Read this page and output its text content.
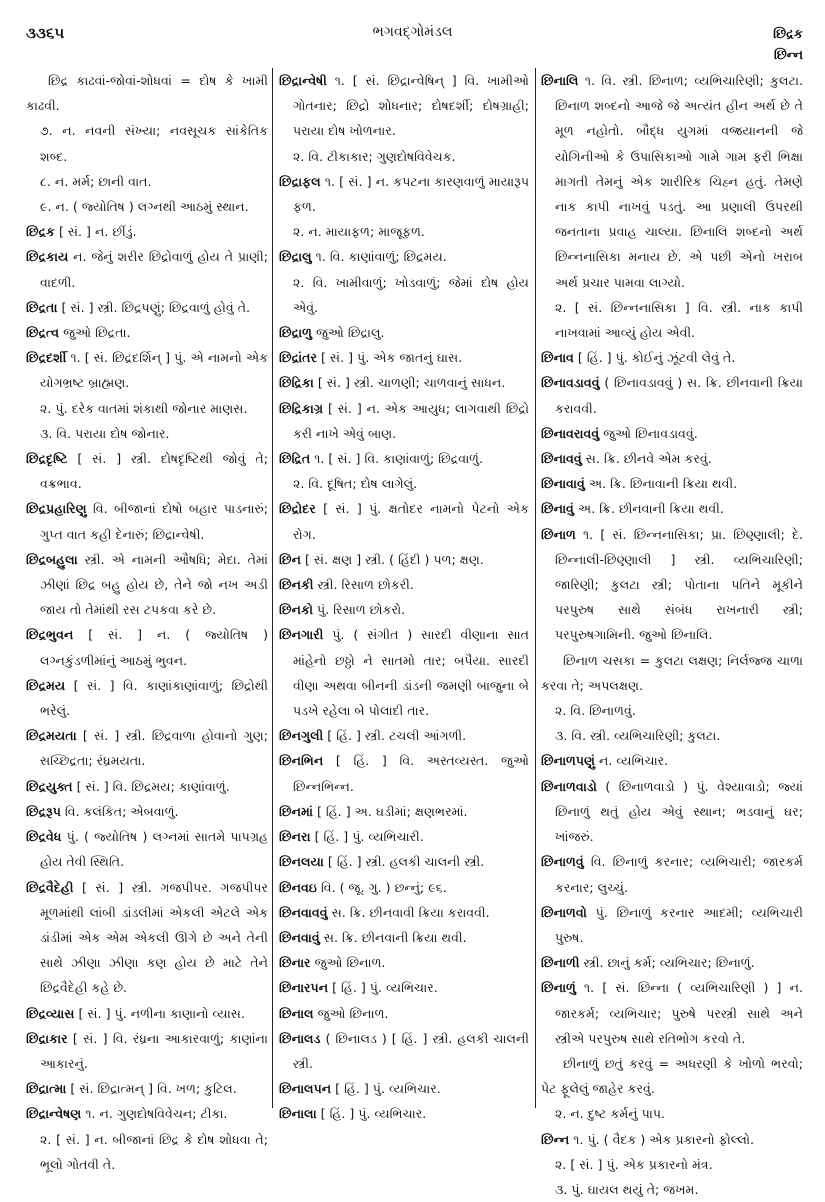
૩૩૬૫	ભગવદ્ગોમંડલ	છિદ્રક
છિન્ન

છિદ્ર કાઢવાં-જોવાં-શોધવાં = દોષ કે ખામી કાઢવી.

૭. ન. નવની સંખ્યા; નવસૂચક સાંકેતિક શબ્દ.

૮. ન. મર્મ; છાની વાત.

૯. ન. ( જ્યોતિષ ) લગ્નથી આઠમું સ્થાન.

છિદ્રક [ સં. ] ન. છીંડું.

છિદ્રકાય ન. જેનું શરીર છિદ્રોવાળું હોય તે પ્રાણી; વાદળી.

છિદ્રતા [ સં. ] સ્ત્રી. છિદ્રપણું; છિદ્રવાળું હોવું તે.

છિદ્રત્વ જુઓ છિદ્રતા.

છિદ્રદર્શી ૧. [ સં. છિદ્રદર્શિન્ ] પું. એ નામનો એક યોગભ્રષ્ટ બ્રાહ્મણ.

૨. પું. દરેક વાતમાં શંકાથી જોનાર માણસ.

૩. વિ. પરાયા દોષ જોનાર.

છિદ્રદૃષ્ટિ [ સં. ] સ્ત્રી. દોષદૃષ્ટિથી જોવું તે; વક્રભાવ.

છિદ્રપ્રહારિણુ વિ. બીજાનાં દોષો બહાર પાડનારું; ગુપ્ત વાત કહી દેનારું; છિદ્રાન્વેષી.

છિદ્રબહુલા સ્ત્રી. એ નામની ઔષધિ; મેદા. તેમાં ઝીણાં છિદ્ર બહુ હોય છે, તેને જો નખ અડી જાય તો તેમાંથી રસ ટપકવા કરે છે.

છિદ્રભુવન [ સં. ] ન. ( જ્યોતિષ ) લગ્નકુંડળીમાંનું આઠમું ભુવન.

છિદ્રમય [ સં. ] વિ. કાણાંકાણાંવાળું; છિદ્રોથી ભરેલું.

છિદ્રમયતા [ સં. ] સ્ત્રી. છિદ્રવાળા હોવાનો ગુણ; સચ્છિદ્રતા; રંધ્રમયતા.

છિદ્રયુક્ત [ સં. ] વિ. છિદ્રમય; કાણાંવાળું.

છિદ્રરૂપ વિ. કલંકિત; એબવાળું.

છિદ્રવેધ પું. ( જ્યોતિષ ) લગ્નમાં સાતમે પાપગ્રહ હોય તેવી સ્થિતિ.

છિદ્રવૈદેહી [ સં. ] સ્ત્રી. ગજપીપર. ગજપીપર મૂળમાંથી લાંબી ડાંડલીમાં એકલી એટલે એક ડાંડીમાં એક એમ એકલી ઊગે છે અને તેની સાથે ઝીણા ઝીણા કણ હોય છે માટે તેને છિદ્રવૈદેહી કહે છે.

છિદ્રવ્યાસ [ સં. ] પું. નળીના કાણાનો વ્યાસ.

છિદ્રાકાર [ સં. ] વિ. રંધ્રના આકારવાળું; કાણાંના આકારનું.

છિદ્રાત્મા [ સં. છિદ્રાત્મન્ ] વિ. ખળ; કુટિલ.

છિદ્રાન્વેષણ ૧. ન. ગુણદોષવિવેચન; ટીકા.

૨. [ સં. ] ન. બીજાનાં છિદ્ર કે દોષ શોધવા તે; ભૂલો ગોતવી તે.

છિદ્રાન્વેષી ૧. [ સં. છિદ્રાન્વેષિન્ ] વિ. ખામીઓ ગોતનાર; છિદ્રો શોધનાર; દોષદર્શી; દોષગ્રાહી; પરાયા દોષ ખોળનાર.

૨. વિ. ટીકાકાર; ગુણદોષવિવેચક.

છિદ્રાફલ ૧. [ સં. ] ન. કપટના કારણવાળું માયારૂપ ફળ.

૨. ન. માયાફળ; માજૂફળ.

છિદ્રાલુ ૧. વિ. કાણાંવાળું; છિદ્રમય.

૨. વિ. ખામીવાળું; ખોડવાળું; જેમાં દોષ હોય એવું.

છિદ્રાળુ જુઓ છિદ્રાલુ.

છિદ્રાંતર [ સં. ] પું. એક જાતનું ઘાસ.

છિદ્રિકા [ સં. ] સ્ત્રી. ચાળણી; ચાળવાનું સાધન.

છિદ્રિકાગ્ર [ સં. ] ન. એક આયુધ; લાગવાથી છિદ્રો કરી નાખે એવું બાણ.

છિદ્રિત ૧. [ સં. ] વિ. કાણાંવાળું; છિદ્રવાળું.

૨. વિ. દૂષિત; દોષ લાગેલું.

છિદ્રોદર [ સં. ] પું. ક્ષતોદર નામનો પેટનો એક રોગ.

છિન [ સં. ક્ષણ ] સ્ત્રી. ( હિંદી ) પળ; ક્ષણ.

છિનકી સ્ત્રી. રિસાળ છોકરી.

છિનકો પું. રિસાળ છોકરો.

છિનગારી પું. ( સંગીત ) સારદી વીણાના સાત માંહેનો છઠ્ઠો ને સાતમો તાર; બપૈયા. સારદી વીણા અથવા બીનની ડાંડની જમણી બાજુના બે પડખે રહેલા બે પોલાદી તાર.

છિનગુલી [ હિં. ] સ્ત્રી. ટચલી આંગળી.

છિનભિન [ હિં. ] વિ. અસ્તવ્યસ્ત. જુઓ છિન્નભિન્ન.

છિનમાં [ હિં. ] અ. ઘડીમાં; ક્ષણભરમાં.

છિનરા [ હિં. ] પું. વ્યભિચારી.

છિનલયા [ હિં. ] સ્ત્રી. હલકી ચાલની સ્ત્રી.

છિનવઇ વિ. ( જૂ. ગુ. ) છન્નું; ૯૬.

છિનવાવવું સ. ક્રિ. છીનવાવી ક્રિયા કરાવવી.

છિનવાવું સ. ક્રિ. છીનવાની ક્રિયા થવી.

છિનાર જુઓ છિનાળ.

છિનારપન [ હિં. ] પું. વ્યભિચાર.

છિનાલ જુઓ છિનાળ.

છિનાલડ ( છિનાલડ ) [ હિં. ] સ્ત્રી. હલકી ચાલની સ્ત્રી.

છિનાલપન [ હિં. ] પું. વ્યભિચાર.

છિનાલા [ હિં. ] પું. વ્યભિચાર.

છિનાલિ ૧. વિ. સ્ત્રી. છિનાળ; વ્યભિચારિણી; કુલટા. છિનાળ શબ્દનો આજે જે અત્યંત હીન અર્થ છે તે મૂળ નહોતો. બૌદ્ધ યુગમાં વજ્રયાનની જે યોગિનીઓ કે ઉપાસિકાઓ ગામે ગામ ફરી ભિક્ષા માગતી તેમનું એક શારીરિક ચિહ્ન હતું. તેમણે નાક કાપી નાખવું પડતું. આ પ્રણાલી ઉપરથી જનતાના પ્રવાહ ચાલ્યા. છિનાલિ શબ્દનો અર્થ છિન્નનાસિકા મનાય છે. એ પછી એનો ખરાબ અર્થ પ્રચાર પામવા લાગ્યો.

૨. [ સં. છિન્નનાસિકા ] વિ. સ્ત્રી. નાક કાપી નાખવામાં આવ્યું હોય એવી.

છિનાવ [ હિં. ] પું. કોઈનું ઝૂંટવી લેવું તે.

છિનાવડાવવું ( છિનાવડાવવું ) સ. ક્રિ. છીનવાની ક્રિયા કરાવવી.

છિનાવરાવવું જુઓ છિનાવડાવવું.

છિનાવવું સ. ક્રિ. છીનવે એમ કરવું.

છિનાવાવું અ. ક્રિ. છિનાવાની ક્રિયા થવી.

છિનાવું અ. ક્રિ. છીનવાની ક્રિયા થવી.

છિનાળ ૧. [ સં. છિન્નનાસિકા; પ્રા. છિણ્ણાલી; દે. છિન્નાલી-છિણ્ણાલી ] સ્ત્રી. વ્યભિચારિણી; જારિણી; કુલટા સ્ત્રી; પોતાના પતિને મૂકીને પરપુરુષ સાથે સંબંધ રાખનારી સ્ત્રી; પરપુરુષગામિની. જુઓ છિનાલિ.

છિનાળ ચસકા = કુલટા લક્ષણ; નિર્લજ્જ ચાળા કરવા તે; અપલક્ષણ.

૨. વિ. છિનાળવું.

૩. વિ. સ્ત્રી. વ્યભિચારિણી; કુલટા.

છિનાળપણું ન. વ્યભિચાર.

છિનાળવાડો ( છિનાળવાડો ) પું. વેશ્યાવાડો; જ્યાં છિનાળું થતું હોય એવું સ્થાન; ભડવાનું ઘર; ખાંજરું.

છિનાળવું વિ. છિનાળું કરનાર; વ્યભિચારી; જારકર્મ કરનાર; લુચ્ચું.

છિનાળવો પું. છિનાળું કરનાર આદમી; વ્યભિચારી પુરુષ.

છિનાળી સ્ત્રી. છાનું કર્મ; વ્યભિચાર; છિનાળું.

છિનાળું ૧. [ સં. છિન્ના ( વ્યભિચારિણી ) ] ન. જારકર્મ; વ્યભિચાર; પુરુષે પરસ્ત્રી સાથે અને સ્ત્રીએ પરપુરુષ સાથે રતિભોગ કરવો તે.

છીનાળું છતું કરવું = અધરણી કે ખોળો ભરવો; પેટ ફૂલેલું જાહેર કરવું.

૨. ન. દુષ્ટ કર્મનું પાપ.

છિન્ન ૧. પું. ( વૈદક ) એક પ્રકારનો ફોલ્લો.

૨. [ સં. ] પું. એક પ્રકારનો મંત્ર.

૩. પું. ઘાયલ થયું તે; જખમ.
